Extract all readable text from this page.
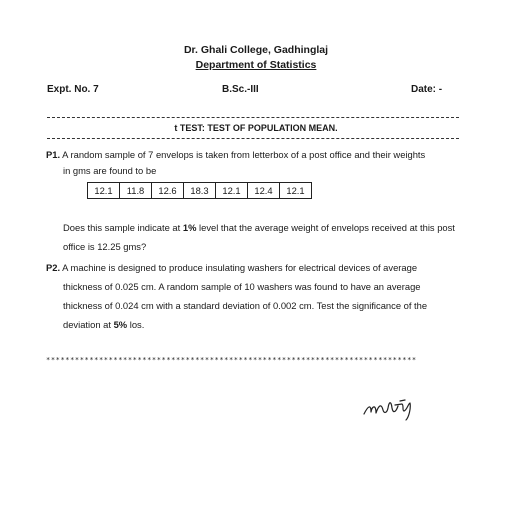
Dr. Ghali College, Gadhinglaj
Department of Statistics
Expt. No. 7	B.Sc.-III	Date: -
t TEST: TEST OF POPULATION MEAN.
P1. A random sample of 7 envelops is taken from letterbox of a post office and their weights
in gms are found to be
12.1	11.8	12.6	18.3	12.1	12.4	12.1
Does this sample indicate at 1% level that the average weight of envelops received at this post
office is 12.25 gms?
P2. A machine is designed to produce insulating washers for electrical devices of average
thickness of 0.025 cm. A random sample of 10 washers was found to have an average
thickness of 0.024 cm with a standard deviation of 0.002 cm. Test the significance of the
deviation at 5% los.
*****************************************************************************
